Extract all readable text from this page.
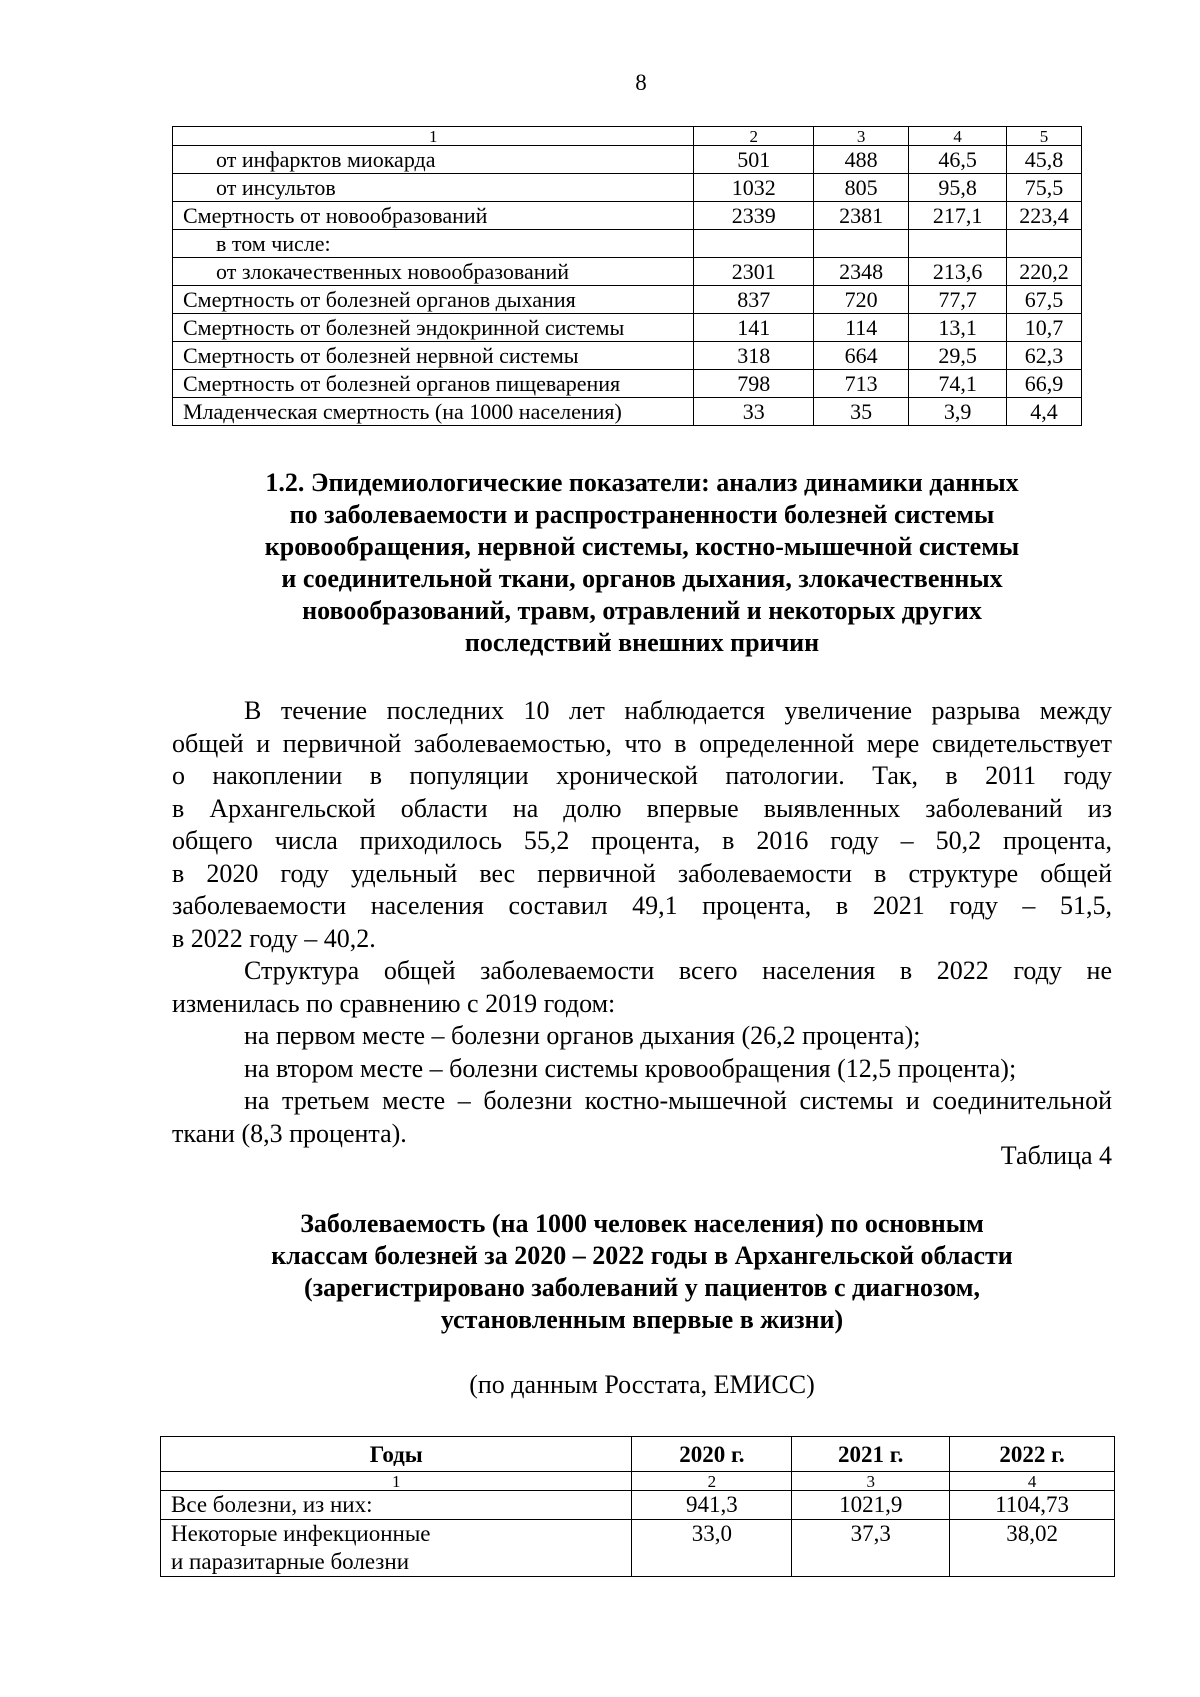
8
1	2	3	4	5
от инфарктов миокарда	501	488	46,5	45,8
от инсультов	1032	805	95,8	75,5
Смертность от новообразований	2339	2381	217,1	223,4
в том числе:				
от злокачественных новообразований	2301	2348	213,6	220,2
Смертность от болезней органов дыхания	837	720	77,7	67,5
Смертность от болезней эндокринной системы	141	114	13,1	10,7
Смертность от болезней нервной системы	318	664	29,5	62,3
Смертность от болезней органов пищеварения	798	713	74,1	66,9
Младенческая смертность (на 1000 населения)	33	35	3,9	4,4
1.2. Эпидемиологические показатели: анализ динамики данных
по заболеваемости и распространенности болезней системы
кровообращения, нервной системы, костно-мышечной системы
и соединительной ткани, органов дыхания, злокачественных
новообразований, травм, отравлений и некоторых других
последствий внешних причин

В течение последних 10 лет наблюдается увеличение разрыва между

общей и первичной заболеваемостью, что в определенной мере свидетельствует

о накоплении в популяции хронической патологии. Так, в 2011 году

в Архангельской области на долю впервые выявленных заболеваний из

общего числа приходилось 55,2 процента, в 2016 году – 50,2 процента,

в 2020 году удельный вес первичной заболеваемости в структуре общей

заболеваемости населения составил 49,1 процента, в 2021 году – 51,5,

в 2022 году – 40,2.

Структура общей заболеваемости всего населения в 2022 году не

изменилась по сравнению с 2019 годом:

на первом месте – болезни органов дыхания (26,2 процента);

на втором месте – болезни системы кровообращения (12,5 процента);

на третьем месте – болезни костно-мышечной системы и соединительной

ткани (8,3 процента).

Таблица 4
Заболеваемость (на 1000 человек населения) по основным
классам болезней за 2020 – 2022 годы в Архангельской области
(зарегистрировано заболеваний у пациентов с диагнозом,
установленным впервые в жизни)
(по данным Росстата, ЕМИСС)
Годы	2020 г.	2021 г.	2022 г.
1	2	3	4

Все болезни, из них:	941,3	1021,9	1104,73

Некоторые инфекционные
и паразитарные болезни	33,0	37,3	38,02
